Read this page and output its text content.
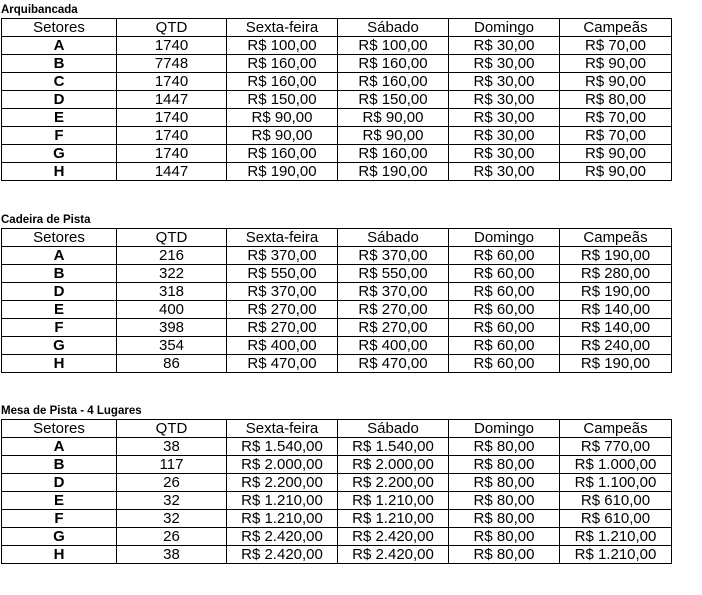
Arquibancada
Setores	QTD	Sexta-feira	Sábado	Domingo	Campeãs
A	1740	R$ 100,00	R$ 100,00	R$ 30,00	R$ 70,00
B	7748	R$ 160,00	R$ 160,00	R$ 30,00	R$ 90,00
C	1740	R$ 160,00	R$ 160,00	R$ 30,00	R$ 90,00
D	1447	R$ 150,00	R$ 150,00	R$ 30,00	R$ 80,00
E	1740	R$ 90,00	R$ 90,00	R$ 30,00	R$ 70,00
F	1740	R$ 90,00	R$ 90,00	R$ 30,00	R$ 70,00
G	1740	R$ 160,00	R$ 160,00	R$ 30,00	R$ 90,00
H	1447	R$ 190,00	R$ 190,00	R$ 30,00	R$ 90,00
Cadeira de Pista
Setores	QTD	Sexta-feira	Sábado	Domingo	Campeãs
A	216	R$ 370,00	R$ 370,00	R$ 60,00	R$ 190,00
B	322	R$ 550,00	R$ 550,00	R$ 60,00	R$ 280,00
D	318	R$ 370,00	R$ 370,00	R$ 60,00	R$ 190,00
E	400	R$ 270,00	R$ 270,00	R$ 60,00	R$ 140,00
F	398	R$ 270,00	R$ 270,00	R$ 60,00	R$ 140,00
G	354	R$ 400,00	R$ 400,00	R$ 60,00	R$ 240,00
H	86	R$ 470,00	R$ 470,00	R$ 60,00	R$ 190,00
Mesa de Pista - 4 Lugares
Setores	QTD	Sexta-feira	Sábado	Domingo	Campeãs
A	38	R$ 1.540,00	R$ 1.540,00	R$ 80,00	R$ 770,00
B	117	R$ 2.000,00	R$ 2.000,00	R$ 80,00	R$ 1.000,00
D	26	R$ 2.200,00	R$ 2.200,00	R$ 80,00	R$ 1.100,00
E	32	R$ 1.210,00	R$ 1.210,00	R$ 80,00	R$ 610,00
F	32	R$ 1.210,00	R$ 1.210,00	R$ 80,00	R$ 610,00
G	26	R$ 2.420,00	R$ 2.420,00	R$ 80,00	R$ 1.210,00
H	38	R$ 2.420,00	R$ 2.420,00	R$ 80,00	R$ 1.210,00
